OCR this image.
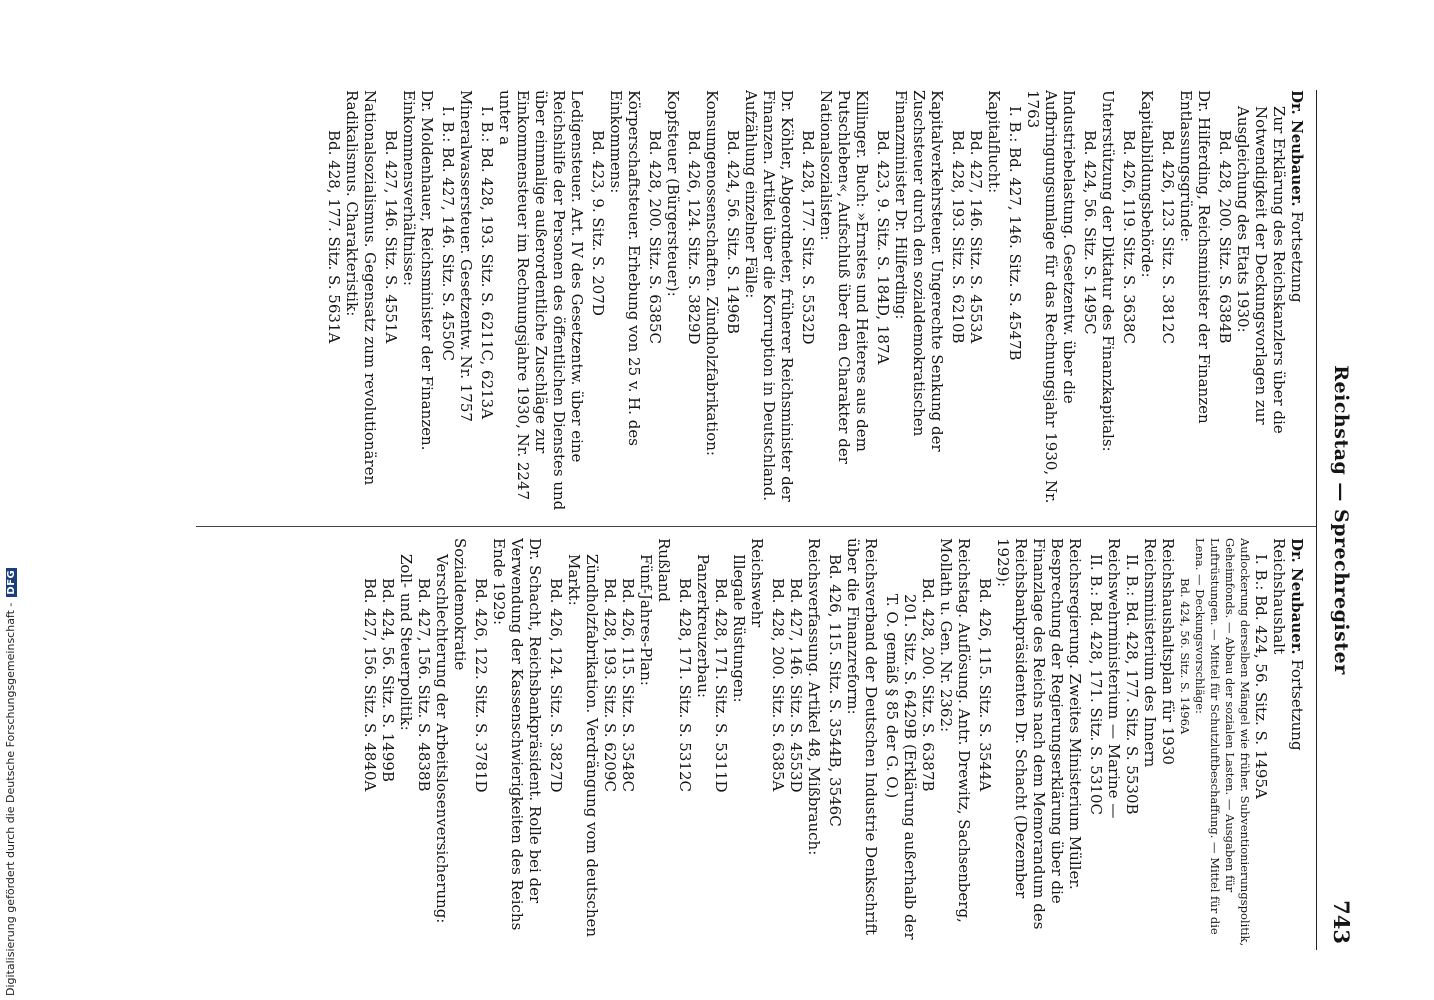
Reichstag — Sprechregister
743
Dr. Neubauer. Fortsetzung
Reichshaushalt
I. B.: Bd. 424, 56. Sitz. S. 1495A
Auflockerung derselben Mängel wie früher. Subventionierungspolitik, Geheimfonds. — Abbau der sozialen Lasten. — Ausgaben für Luftrüstungen. — Mittel für Schutzluftbeschaffung. — Mittel für die Lena. — Deckungsvorschläge:
Bd. 424, 56. Sitz. S. 1496A
Reichshaushaltsplan für 1930
Reichsministerium des Innern
II. B.: Bd. 428, 177. Sitz. S. 5530B
Reichswehrministerium — Marine —
II. B.: Bd. 428, 171. Sitz. S. 5310C
Reichsregierung. Zweites Ministerium Müller. Besprechung der Regierungserklärung über die Finanzlage des Reichs nach dem Memorandum des Reichsbankpräsidenten Dr. Schacht (Dezember 1929):
Bd. 426, 115. Sitz. S. 3544A
Reichstag. Auflösung. Antr. Drewitz, Sachsenberg, Mollath u. Gen. Nr. 2362:
Bd. 428, 200. Sitz. S. 6387B
201. Sitz. S. 6429B (Erklärung außerhalb der T. O. gemäß § 85 der G. O.)
Reichsverband der Deutschen Industrie Denkschrift über die Finanzreform:
Bd. 426, 115. Sitz. S. 3544B, 3546C
Reichsverfassung. Artikel 48, Mißbrauch:
Bd. 427, 146. Sitz. S. 4553D
Bd. 428, 200. Sitz. S. 6385A
Reichswehr
Illegale Rüstungen:
Bd. 428, 171. Sitz. S. 5311D
Panzerkreuzerbau:
Bd. 428, 171. Sitz. S. 5312C
Rußland
Fünf-Jahres-Plan:
Bd. 426, 115. Sitz. S. 3548C
Bd. 428, 193. Sitz. S. 6209C
Zündholzfabrikation. Verdrängung vom deutschen Markt:
Bd. 426, 124. Sitz. S. 3827D
Dr. Schacht, Reichsbankpräsident. Rolle bei der Verwendung der Kassenschwierigkeiten des Reichs Ende 1929:
Bd. 426, 122. Sitz. S. 3781D
Sozialdemokratie
Verschlechterung der Arbeitslosenversicherung:
Bd. 427, 156. Sitz. S. 4838B
Zoll- und Steuerpolitik:
Bd. 424, 56. Sitz. S. 1499B
Bd. 427, 156. Sitz. S. 4840A
Dr. Neubauer. Fortsetzung
Zur Erklärung des Reichskanzlers über die Notwendigkeit der Deckungsvorlagen zur Ausgleichung des Etats 1930:
Bd. 428, 200. Sitz. S. 6384B
Dr. Hilferding, Reichsminister der Finanzen Entlassungsgründe:
Bd. 426, 123. Sitz. S. 3812C
Kapitalbildungsbehörde:
Bd. 426, 119. Sitz. S. 3638C
Unterstützung der Diktatur des Finanzkapitals:
Bd. 424, 56. Sitz. S. 1495C
Industriebelastung. Gesetzentw. über die Aufbringungsumlage für das Rechnungsjahr 1930, Nr. 1763
I. B.: Bd. 427, 146. Sitz. S. 4547B
Kapitalflucht:
Bd. 427, 146. Sitz. S. 4553A
Bd. 428, 193. Sitz. S. 6210B
Kapitalverkehrsteuer. Ungerechte Senkung der Zuschsteuer durch den sozialdemokratischen Finanzminister Dr. Hilferding:
Bd. 423, 9. Sitz. S. 184D, 187A
Killinger. Buch: »Ernstes und Heiteres aus dem Putschleben«, Aufschluß über den Charakter der Nationalsozialisten:
Bd. 428, 177. Sitz. S. 5532D
Dr. Köhler, Abgeordneter, früherer Reichsminister der Finanzen. Artikel über die Korruption in Deutschland. Aufzählung einzelner Fälle:
Bd. 424, 56. Sitz. S. 1496B
Konsumgenossenschaften. Zündholzfabrikation:
Bd. 426, 124. Sitz. S. 3829D
Kopfsteuer (Bürgersteuer):
Bd. 428, 200. Sitz. S. 6385C
Körperschaftsteuer. Erhebung von 25 v. H. des Einkommens:
Bd. 423, 9. Sitz. S. 207D
Ledigensteuer. Art. IV des Gesetzentw. über eine Reichshilfe der Personen des öffentlichen Dienstes und über einmalige außerordentliche Zuschläge zur Einkommensteuer im Rechnungsjahre 1930, Nr. 2247 unter a
I. B.: Bd. 428, 193. Sitz. S. 6211C, 6213A
Mineralwassersteuer. Gesetzentw. Nr. 1757
I. B.: Bd. 427, 146. Sitz. S. 4550C
Dr. Moldenhauer, Reichsminister der Finanzen. Einkommensverhältnisse:
Bd. 427, 146. Sitz. S. 4551A
Nationalsozialismus. Gegensatz zum revolutionären Radikalismus. Charakteristik:
Bd. 428, 177. Sitz. S. 5631A
Digitalisierung gefördert durch die Deutsche Forschungsgemeinschaft -DFG
